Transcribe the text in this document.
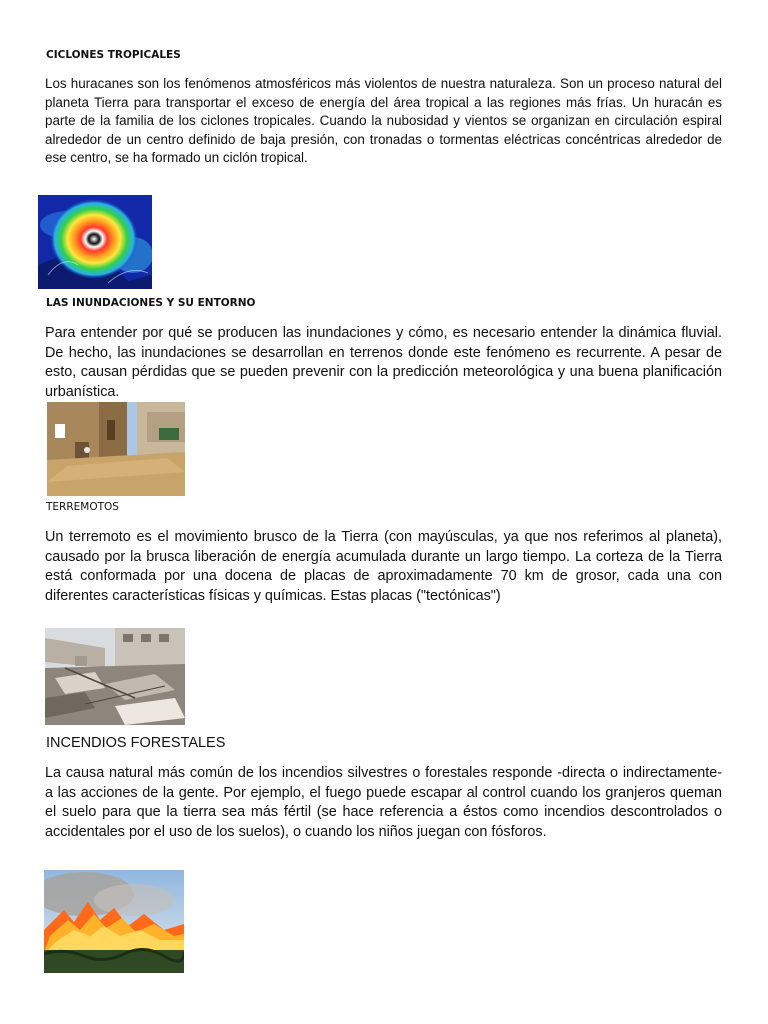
CICLONES TROPICALES

Los huracanes son los fenómenos atmosféricos más violentos de nuestra naturaleza. Son un proceso natural del planeta Tierra para transportar el exceso de energía del área tropical a las regiones más frías. Un huracán es parte de la familia de los ciclones tropicales. Cuando la nubosidad y vientos se organizan en circulación espiral alrededor de un centro definido de baja presión, con tronadas o tormentas eléctricas concéntricas alrededor de ese centro, se ha formado un ciclón tropical.

LAS INUNDACIONES Y SU ENTORNO

Para entender por qué se producen las inundaciones y cómo, es necesario entender la dinámica fluvial. De hecho, las inundaciones se desarrollan en terrenos donde este fenómeno es recurrente. A pesar de esto, causan pérdidas que se pueden prevenir con la predicción meteorológica y una buena planificación urbanística.

TERREMOTOS

Un terremoto es el movimiento brusco de la Tierra (con mayúsculas, ya que nos referimos al planeta), causado por la brusca liberación de energía acumulada durante un largo tiempo. La corteza de la Tierra está conformada por una docena de placas de aproximadamente 70 km de grosor, cada una con diferentes características físicas y químicas. Estas placas ("tectónicas")

INCENDIOS FORESTALES

La causa natural más común de los incendios silvestres o forestales responde -directa o indirectamente- a las acciones de la gente. Por ejemplo, el fuego puede escapar al control cuando los granjeros queman el suelo para que la tierra sea más fértil (se hace referencia a éstos como incendios descontrolados o accidentales por el uso de los suelos), o cuando los niños juegan con fósforos.
